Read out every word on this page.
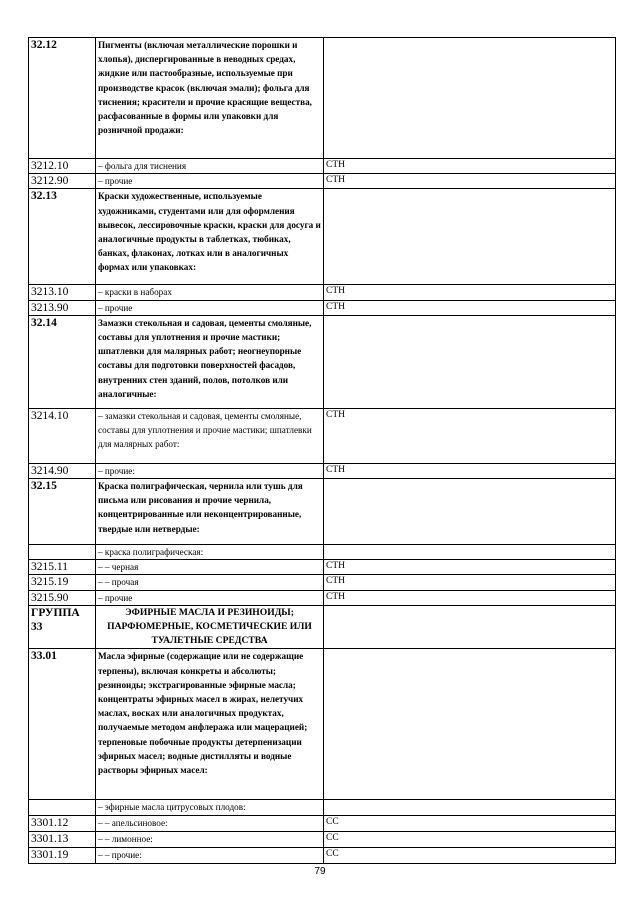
32.12	Пигменты (включая металлические порошки и хлопья), диспергированные в неводных средах, жидкие или пастообразные, используемые при производстве красок (включая эмали); фольга для тиснения; красители и прочие красящие вещества, расфасованные в формы или упаковки для розничной продажи:	
3212.10	– фольга для тиснения	СТН
3212.90	– прочие	СТН
32.13	Краски художественные, используемые художниками, студентами или для оформления вывесок, лессировочные краски, краски для досуга и аналогичные продукты в таблетках, тюбиках, банках, флаконах, лотках или в аналогичных формах или упаковках:	
3213.10	– краски в наборах	СТН
3213.90	– прочие	СТН
32.14	Замазки стекольная и садовая, цементы смоляные, составы для уплотнения и прочие мастики; шпатлевки для малярных работ; неогнеупорные составы для подготовки поверхностей фасадов, внутренних стен зданий, полов, потолков или аналогичные:	
3214.10	– замазки стекольная и садовая, цементы смоляные, составы для уплотнения и прочие мастики; шпатлевки для малярных работ:	СТН
3214.90	– прочие:	СТН
32.15	Краска полиграфическая, чернила или тушь для письма или рисования и прочие чернила, концентрированные или неконцентрированные, твердые или нетвердые:	
	– краска полиграфическая:	
3215.11	– – черная	СТН
3215.19	– – прочая	СТН
3215.90	– прочие	СТН
ГРУППА 33	ЭФИРНЫЕ МАСЛА И РЕЗИНОИДЫ; ПАРФЮМЕРНЫЕ, КОСМЕТИЧЕСКИЕ ИЛИ ТУАЛЕТНЫЕ СРЕДСТВА	
33.01	Масла эфирные (содержащие или не содержащие терпены), включая конкреты и абсолюты; резиноиды; экстрагированные эфирные масла; концентраты эфирных масел в жирах, нелетучих маслах, восках или аналогичных продуктах, получаемые методом анфлеража или мацерацией; терпеновые побочные продукты детерпенизации эфирных масел; водные дистилляты и водные растворы эфирных масел:	
	– эфирные масла цитрусовых плодов:	
3301.12	– – апельсиновое:	СС
3301.13	– – лимонное:	СС
3301.19	– – прочие:	СС
79
